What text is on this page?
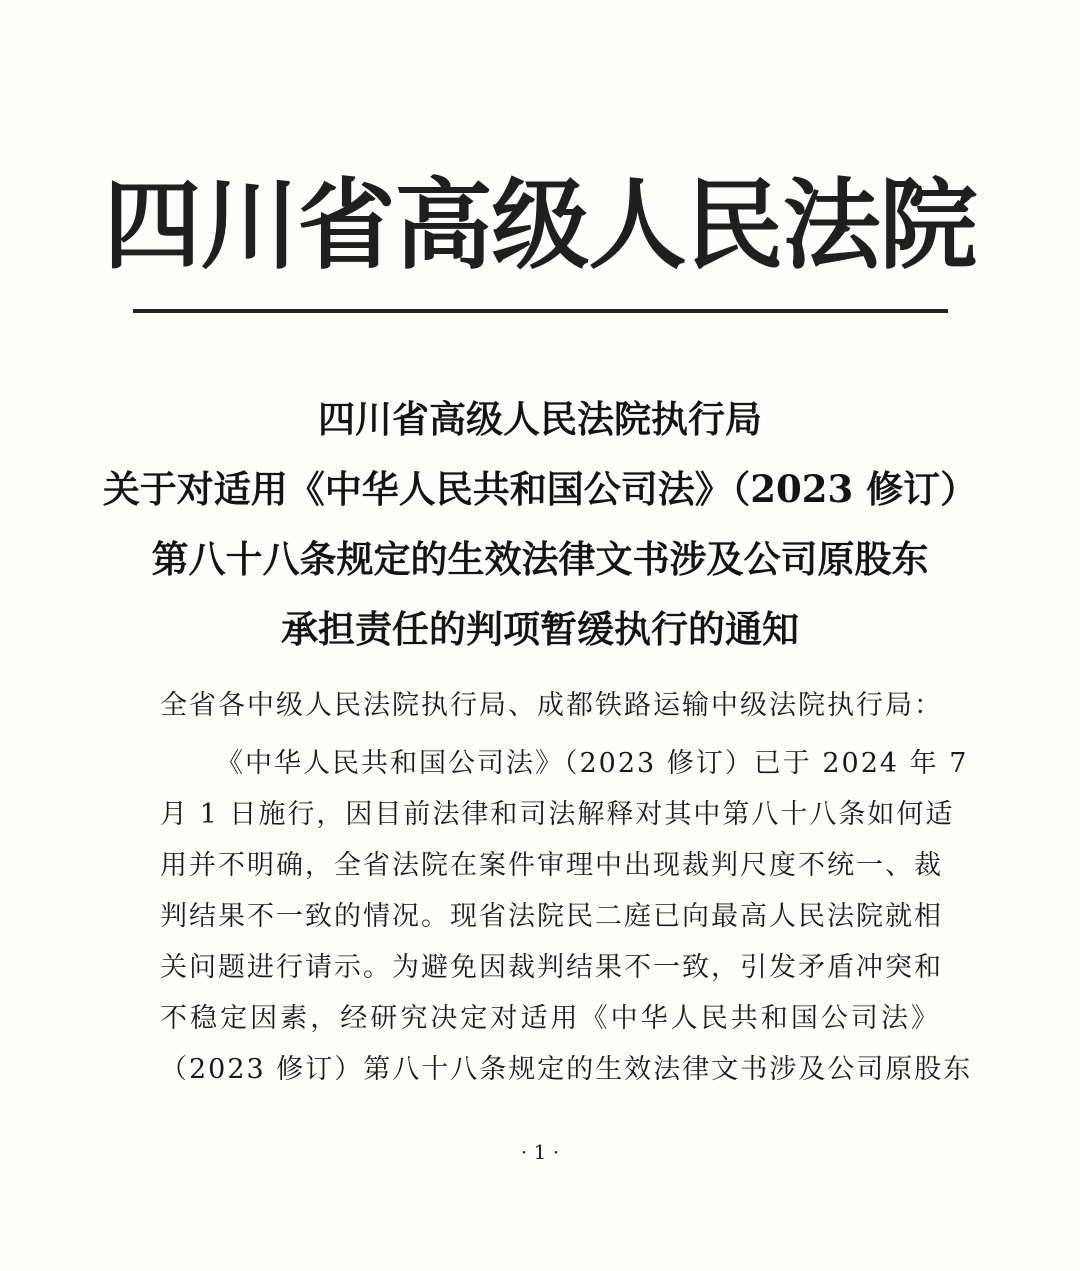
四川省高级人民法院
四川省高级人民法院执行局
关于对适用《中华人民共和国公司法》（2023 修订）
第八十八条规定的生效法律文书涉及公司原股东
承担责任的判项暂缓执行的通知
全省各中级人民法院执行局、成都铁路运输中级法院执行局：
《中华人民共和国公司法》（2023 修订）已于 2024 年 7
月 1 日施行，因目前法律和司法解释对其中第八十八条如何适
用并不明确，全省法院在案件审理中出现裁判尺度不统一、裁
判结果不一致的情况。现省法院民二庭已向最高人民法院就相
关问题进行请示。为避免因裁判结果不一致，引发矛盾冲突和
不稳定因素，经研究决定对适用《中华人民共和国公司法》
（2023 修订）第八十八条规定的生效法律文书涉及公司原股东
· 1 ·
